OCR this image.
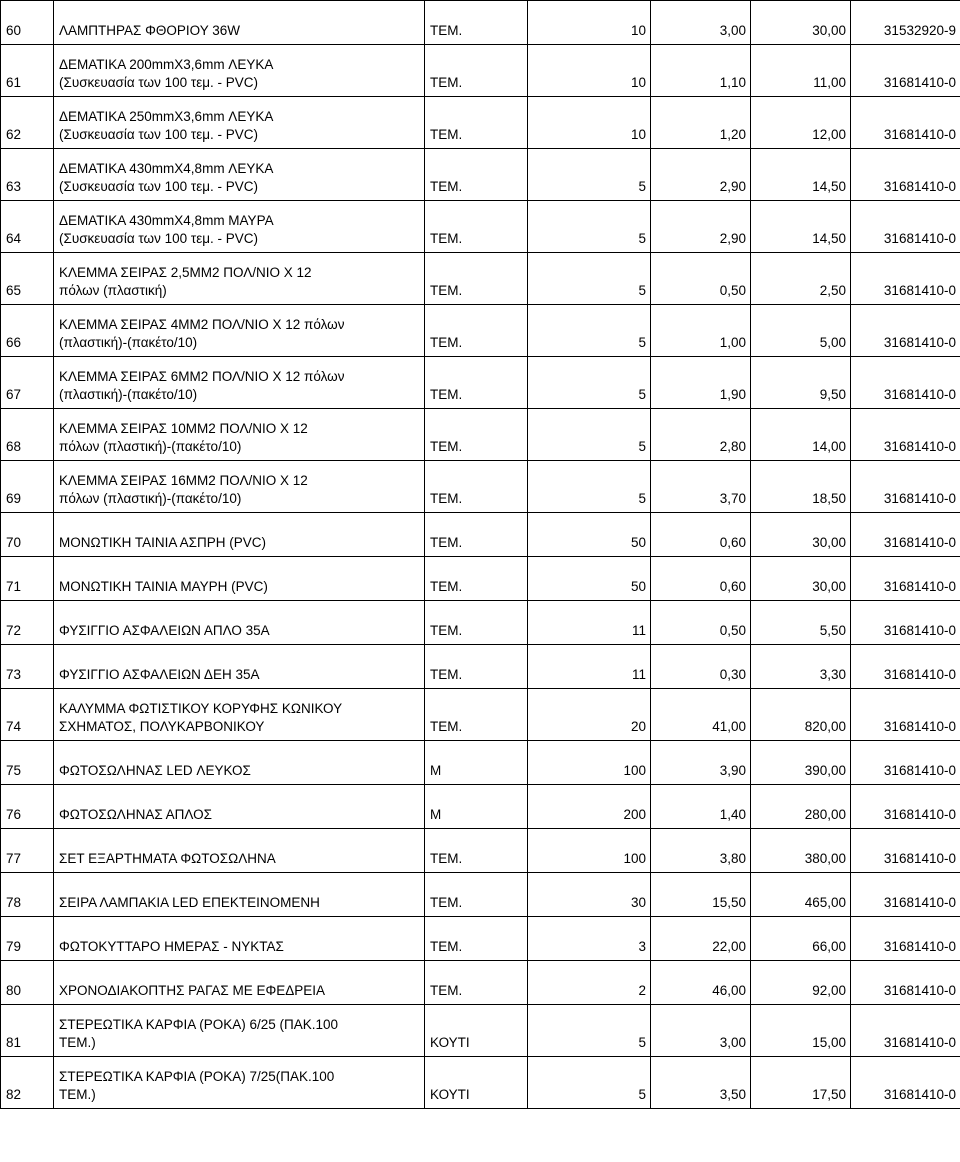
60	ΛΑΜΠΤΗΡΑΣ ΦΘΟΡΙΟΥ 36W	ΤΕΜ.	10	3,00	30,00	31532920-9
61	ΔΕΜΑΤΙΚΑ 200mmX3,6mm ΛΕΥΚΑ
(Συσκευασία των 100 τεμ. - PVC)	ΤΕΜ.	10	1,10	11,00	31681410-0
62	ΔΕΜΑΤΙΚΑ 250mmX3,6mm ΛΕΥΚΑ
(Συσκευασία των 100 τεμ. - PVC)	ΤΕΜ.	10	1,20	12,00	31681410-0
63	ΔΕΜΑΤΙΚΑ 430mmX4,8mm ΛΕΥΚΑ
(Συσκευασία των 100 τεμ. - PVC)	ΤΕΜ.	5	2,90	14,50	31681410-0
64	ΔΕΜΑΤΙΚΑ 430mmX4,8mm ΜΑΥΡΑ
(Συσκευασία των 100 τεμ. - PVC)	ΤΕΜ.	5	2,90	14,50	31681410-0
65	ΚΛΕΜΜΑ ΣΕΙΡΑΣ 2,5ΜΜ2 ΠΟΛ/ΝΙΟ Χ 12
πόλων (πλαστική)	ΤΕΜ.	5	0,50	2,50	31681410-0
66	ΚΛΕΜΜΑ ΣΕΙΡΑΣ 4ΜΜ2 ΠΟΛ/ΝΙΟ Χ 12 πόλων
(πλαστική)-(πακέτο/10)	ΤΕΜ.	5	1,00	5,00	31681410-0
67	ΚΛΕΜΜΑ ΣΕΙΡΑΣ 6ΜΜ2 ΠΟΛ/ΝΙΟ Χ 12 πόλων
(πλαστική)-(πακέτο/10)	ΤΕΜ.	5	1,90	9,50	31681410-0
68	ΚΛΕΜΜΑ ΣΕΙΡΑΣ 10ΜΜ2 ΠΟΛ/ΝΙΟ Χ 12
πόλων (πλαστική)-(πακέτο/10)	ΤΕΜ.	5	2,80	14,00	31681410-0
69	ΚΛΕΜΜΑ ΣΕΙΡΑΣ 16ΜΜ2 ΠΟΛ/ΝΙΟ Χ 12
πόλων (πλαστική)-(πακέτο/10)	ΤΕΜ.	5	3,70	18,50	31681410-0
70	ΜΟΝΩΤΙΚΗ ΤΑΙΝΙΑ ΑΣΠΡΗ (PVC)	ΤΕΜ.	50	0,60	30,00	31681410-0
71	ΜΟΝΩΤΙΚΗ ΤΑΙΝΙΑ ΜΑΥΡΗ (PVC)	ΤΕΜ.	50	0,60	30,00	31681410-0
72	ΦΥΣΙΓΓΙΟ ΑΣΦΑΛΕΙΩΝ ΑΠΛΟ 35Α	ΤΕΜ.	11	0,50	5,50	31681410-0
73	ΦΥΣΙΓΓΙΟ ΑΣΦΑΛΕΙΩΝ ΔΕΗ 35Α	ΤΕΜ.	11	0,30	3,30	31681410-0
74	ΚΑΛΥΜΜΑ ΦΩΤΙΣΤΙΚΟΥ ΚΟΡΥΦΗΣ ΚΩΝΙΚΟΥ
ΣΧΗΜΑΤΟΣ, ΠΟΛΥΚΑΡΒΟΝΙΚΟΥ	ΤΕΜ.	20	41,00	820,00	31681410-0
75	ΦΩΤΟΣΩΛΗΝΑΣ LED ΛΕΥΚΟΣ	Μ	100	3,90	390,00	31681410-0
76	ΦΩΤΟΣΩΛΗΝΑΣ ΑΠΛΟΣ	Μ	200	1,40	280,00	31681410-0
77	ΣΕΤ ΕΞΑΡΤΗΜΑΤΑ ΦΩΤΟΣΩΛΗΝΑ	ΤΕΜ.	100	3,80	380,00	31681410-0
78	ΣΕΙΡΑ ΛΑΜΠΑΚΙΑ LED ΕΠΕΚΤΕΙΝΟΜΕΝΗ	ΤΕΜ.	30	15,50	465,00	31681410-0
79	ΦΩΤΟΚΥΤΤΑΡΟ ΗΜΕΡΑΣ - ΝΥΚΤΑΣ	ΤΕΜ.	3	22,00	66,00	31681410-0
80	ΧΡΟΝΟΔΙΑΚΟΠΤΗΣ ΡΑΓΑΣ ΜΕ ΕΦΕΔΡΕΙΑ	ΤΕΜ.	2	46,00	92,00	31681410-0
81	ΣΤΕΡΕΩΤΙΚΑ ΚΑΡΦΙΑ (ΡΟΚΑ) 6/25 (ΠΑΚ.100
ΤΕΜ.)	ΚΟΥΤΙ	5	3,00	15,00	31681410-0
82	ΣΤΕΡΕΩΤΙΚΑ ΚΑΡΦΙΑ (ΡΟΚΑ) 7/25(ΠΑΚ.100
ΤΕΜ.)	ΚΟΥΤΙ	5	3,50	17,50	31681410-0
